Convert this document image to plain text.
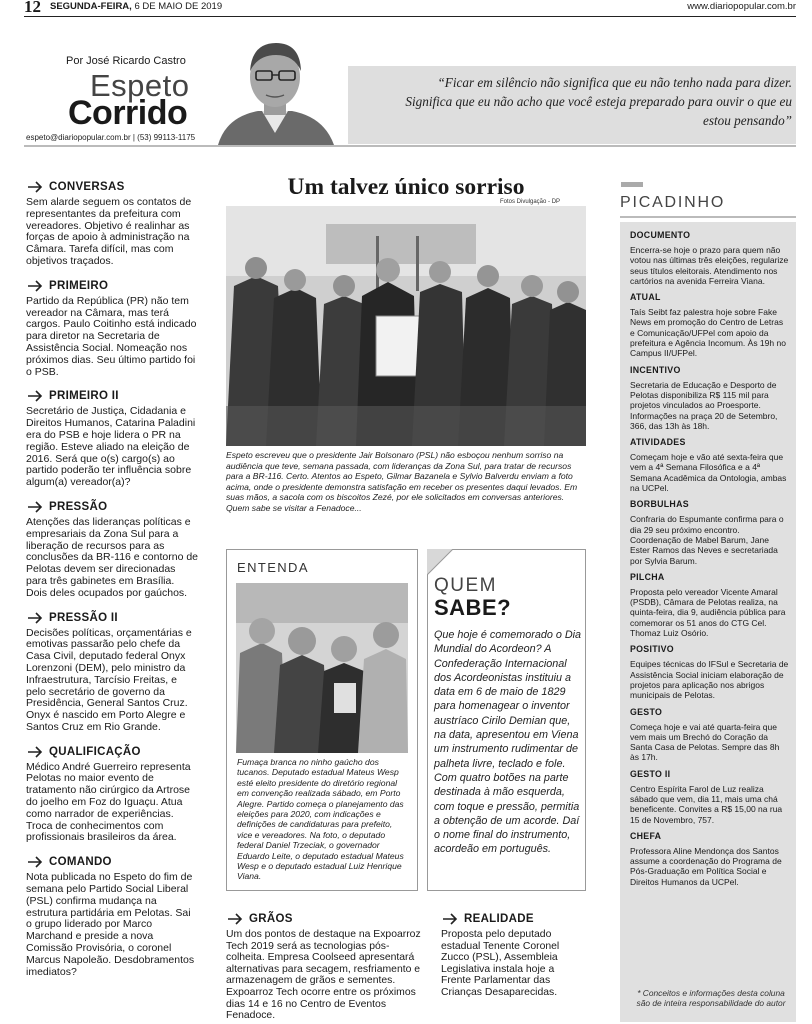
12 SEGUNDA-FEIRA, 6 DE MAIO DE 2019	www.diariopopular.com.br
Por José Ricardo Castro
Espeto
Corrido
espeto@diariopopular.com.br | (53) 99113-1175
“Ficar em silêncio não significa que eu não tenho nada para dizer. Significa que eu não acho que você esteja preparado para ouvir o que eu estou pensando”
CONVERSAS
Sem alarde seguem os contatos de representantes da prefeitura com vereadores. Objetivo é realinhar as forças de apoio à administração na Câmara. Tarefa difícil, mas com objetivos traçados.
PRIMEIRO
Partido da República (PR) não tem vereador na Câmara, mas terá cargos. Paulo Coitinho está indicado para diretor na Secretaria de Assistência Social. Nomeação nos próximos dias. Seu último partido foi o PSB.
PRIMEIRO II
Secretário de Justiça, Cidadania e Direitos Humanos, Catarina Paladini era do PSB e hoje lidera o PR na região. Esteve aliado na eleição de 2016. Será que o(s) cargo(s) ao partido poderão ter influência sobre algum(a) vereador(a)?
PRESSÃO
Atenções das lideranças políticas e empresariais da Zona Sul para a liberação de recursos para as conclusões da BR-116 e contorno de Pelotas devem ser direcionadas para três gabinetes em Brasília. Dois deles ocupados por gaúchos.
PRESSÃO II
Decisões políticas, orçamentárias e emotivas passarão pelo chefe da Casa Civil, deputado federal Onyx Lorenzoni (DEM), pelo ministro da Infraestrutura, Tarcísio Freitas, e pelo secretário de governo da Presidência, General Santos Cruz. Onyx é nascido em Porto Alegre e Santos Cruz em Rio Grande.
QUALIFICAÇÃO
Médico André Guerreiro representa Pelotas no maior evento de tratamento não cirúrgico da Artrose do joelho em Foz do Iguaçu. Atua como narrador de experiências. Troca de conhecimentos com profissionais brasileiros da área.
COMANDO
Nota publicada no Espeto do fim de semana pelo Partido Social Liberal (PSL) confirma mudança na estrutura partidária em Pelotas. Sai o grupo liderado por Marco Marchand e preside a nova Comissão Provisória, o coronel Marcus Napoleão. Desdobramentos imediatos?
Um talvez único sorriso
Fotos Divulgação - DP
Espeto escreveu que o presidente Jair Bolsonaro (PSL) não esboçou nenhum sorriso na audiência que teve, semana passada, com lideranças da Zona Sul, para tratar de recursos para a BR-116. Certo. Atentos ao Espeto, Gilmar Bazanela e Sylvio Balverdu enviam a foto acima, onde o presidente demonstra satisfação em receber os presentes daqui levados. Em suas mãos, a sacola com os biscoitos Zezé, por ele solicitados em conversas anteriores. Quem sabe se visitar a Fenadoce...
ENTENDA
Fumaça branca no ninho gaúcho dos tucanos. Deputado estadual Mateus Wesp esté eleito presidente do diretório regional em convenção realizada sábado, em Porto Alegre. Partido começa o planejamento das eleições para 2020, com indicações e definições de candidaturas para prefeito, vice e vereadores. Na foto, o deputado federal Daniel Trzeciak, o governador Eduardo Leite, o deputado estadual Mateus Wesp e o deputado estadual Luiz Henrique Viana.
QUEM
SABE?
Que hoje é comemorado o Dia Mundial do Acordeon? A Confederação Internacional dos Acordeonistas instituiu a data em 6 de maio de 1829 para homenagear o inventor austríaco Cirilo Demian que, na data, apresentou em Viena um instrumento rudimentar de palheta livre, teclado e fole. Com quatro botões na parte destinada à mão esquerda, com toque e pressão, permitia a obtenção de um acorde. Daí o nome final do instrumento, acordeão em português.
GRÃOS
Um dos pontos de destaque na Expoarroz Tech 2019 será as tecnologias pós-colheita. Empresa Coolseed apresentará alternativas para secagem, resfriamento e armazenagem de grãos e sementes. Expoarroz Tech ocorre entre os próximos dias 14 e 16 no Centro de Eventos Fenadoce.
REALIDADE
Proposta pelo deputado estadual Tenente Coronel Zucco (PSL), Assembleia Legislativa instala hoje a Frente Parlamentar das Crianças Desaparecidas.
PICADINHO
DOCUMENTO
Encerra-se hoje o prazo para quem não votou nas últimas três eleições, regularize seus títulos eleitorais. Atendimento nos cartórios na avenida Ferreira Viana.
ATUAL
Taís Seibt faz palestra hoje sobre Fake News em promoção do Centro de Letras e Comunicação/UFPel com apoio da prefeitura e Agência Incomum. Às 19h no Campus II/UFPel.
INCENTIVO
Secretaria de Educação e Desporto de Pelotas disponibiliza R$ 115 mil para projetos vinculados ao Proesporte. Informações na praça 20 de Setembro, 366, das 13h às 18h.
ATIVIDADES
Começam hoje e vão até sexta-feira que vem a 4ª Semana Filosófica e a 4ª Semana Acadêmica da Ontologia, ambas na UCPel.
BORBULHAS
Confraria do Espumante confirma para o dia 29 seu próximo encontro. Coordenação de Mabel Barum, Jane Ester Ramos das Neves e secretariada por Sylvia Barum.
PILCHA
Proposta pelo vereador Vicente Amaral (PSDB), Câmara de Pelotas realiza, na quinta-feira, dia 9, audiência pública para comemorar os 51 anos do CTG Cel. Thomaz Luiz Osório.
POSITIVO
Equipes técnicas do IFSul e Secretaria de Assistência Social iniciam elaboração de projetos para aplicação nos abrigos municipais de Pelotas.
GESTO
Começa hoje e vai até quarta-feira que vem mais um Brechó do Coração da Santa Casa de Pelotas. Sempre das 8h às 17h.
GESTO II
Centro Espírita Farol de Luz realiza sábado que vem, dia 11, mais uma chá beneficente. Convites a R$ 15,00 na rua 15 de Novembro, 757.
CHEFA
Professora Aline Mendonça dos Santos assume a coordenação do Programa de Pós-Graduação em Política Social e Direitos Humanos da UCPel.
* Conceitos e informações desta coluna são de inteira responsabilidade do autor
